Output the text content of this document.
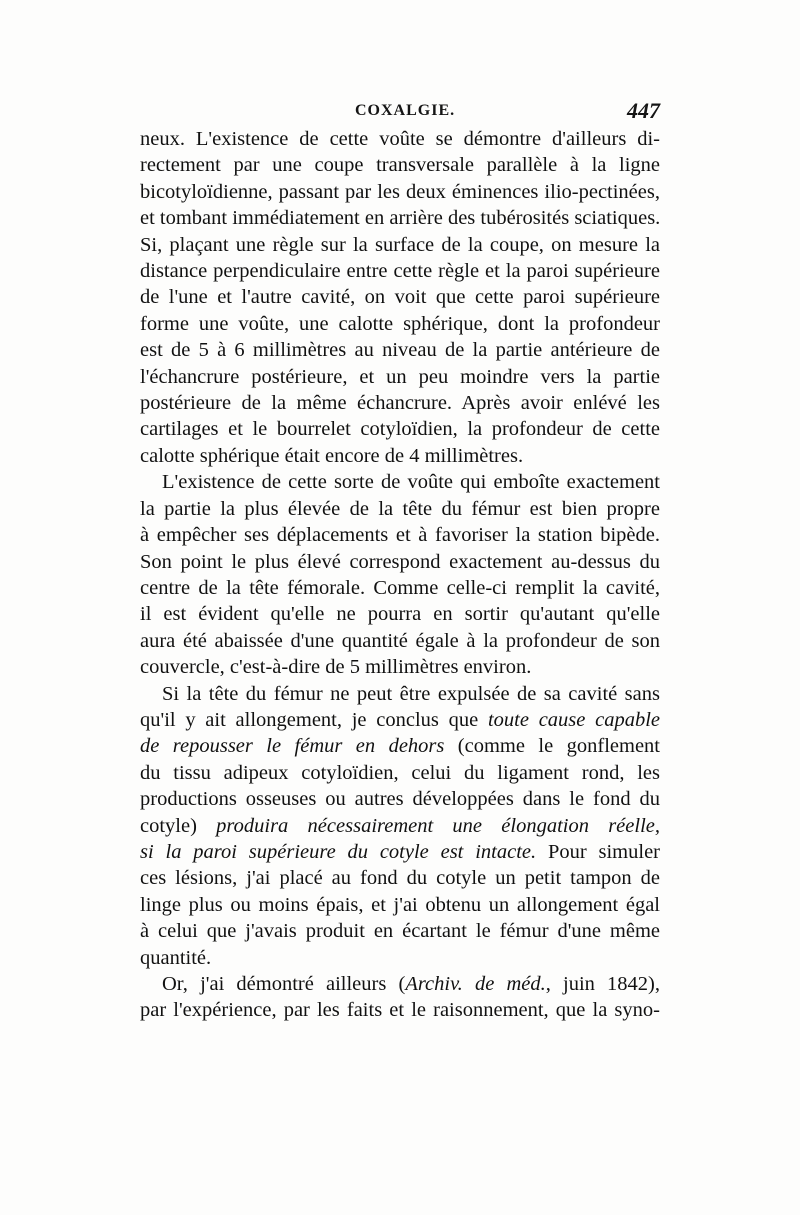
COXALGIE.	447

neux. L'existence de cette voûte se démontre d'ailleurs di-
rectement par une coupe transversale parallèle à la ligne
bicotyloïdienne, passant par les deux éminences ilio-pectinées,
et tombant immédiatement en arrière des tubérosités sciatiques.
Si, plaçant une règle sur la surface de la coupe, on mesure la
distance perpendiculaire entre cette règle et la paroi supérieure
de l'une et l'autre cavité, on voit que cette paroi supérieure
forme une voûte, une calotte sphérique, dont la profondeur
est de 5 à 6 millimètres au niveau de la partie antérieure de
l'échancrure postérieure, et un peu moindre vers la partie
postérieure de la même échancrure. Après avoir enlévé les
cartilages et le bourrelet cotyloïdien, la profondeur de cette
calotte sphérique était encore de 4 millimètres.

L'existence de cette sorte de voûte qui emboîte exactement
la partie la plus élevée de la tête du fémur est bien propre
à empêcher ses déplacements et à favoriser la station bipède.
Son point le plus élevé correspond exactement au-dessus du
centre de la tête fémorale. Comme celle-ci remplit la cavité,
il est évident qu'elle ne pourra en sortir qu'autant qu'elle
aura été abaissée d'une quantité égale à la profondeur de son
couvercle, c'est-à-dire de 5 millimètres environ.

Si la tête du fémur ne peut être expulsée de sa cavité sans
qu'il y ait allongement, je conclus que toute cause capable
de repousser le fémur en dehors (comme le gonflement
du tissu adipeux cotyloïdien, celui du ligament rond, les
productions osseuses ou autres développées dans le fond du
cotyle) produira nécessairement une élongation réelle,
si la paroi supérieure du cotyle est intacte. Pour simuler
ces lésions, j'ai placé au fond du cotyle un petit tampon de
linge plus ou moins épais, et j'ai obtenu un allongement égal
à celui que j'avais produit en écartant le fémur d'une même
quantité.

Or, j'ai démontré ailleurs (Archiv. de méd., juin 1842),
par l'expérience, par les faits et le raisonnement, que la syno-
